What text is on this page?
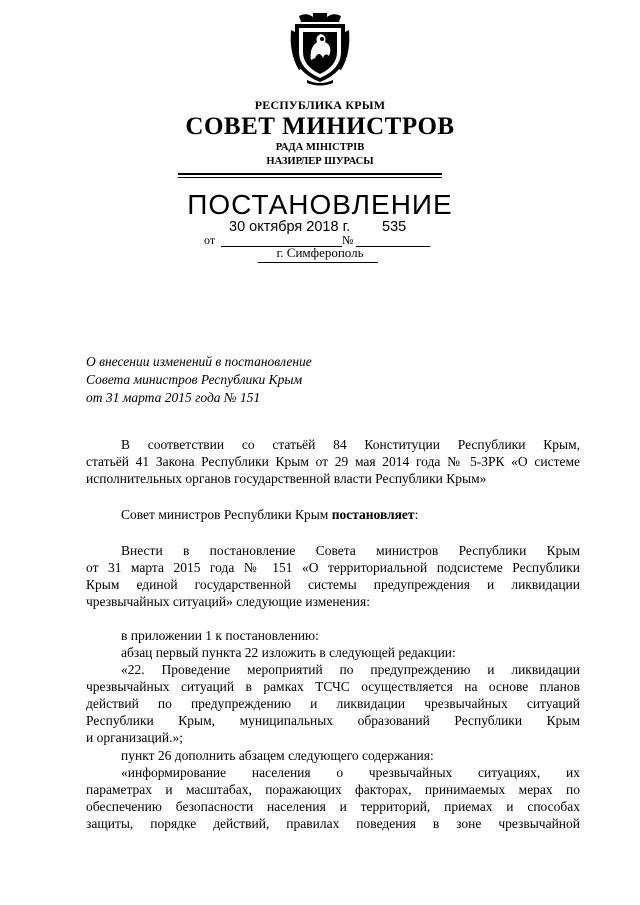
РЕСПУБЛИКА КРЫМ
СОВЕТ МИНИСТРОВ
РАДА МІНІСТРІВ
НАЗИРЛЕР ШУРАСЫ
ПОСТАНОВЛЕНИЕ
30 октября 2018 г. 535
от	№
г. Симферополь
О внесении изменений в постановление
Совета министров Республики Крым
от 31 марта 2015 года № 151
В соответствии со статьёй 84 Конституции Республики Крым,
статьёй 41 Закона Республики Крым от 29 мая 2014 года № 5-ЗРК «О системе
исполнительных органов государственной власти Республики Крым»
Совет министров Республики Крым постановляет:
Внести в постановление Совета министров Республики Крым
от 31 марта 2015 года № 151 «О территориальной подсистеме Республики
Крым единой государственной системы предупреждения и ликвидации
чрезвычайных ситуаций» следующие изменения:
в приложении 1 к постановлению:
абзац первый пункта 22 изложить в следующей редакции:
«22. Проведение мероприятий по предупреждению и ликвидации
чрезвычайных ситуаций в рамках ТСЧС осуществляется на основе планов
действий по предупреждению и ликвидации чрезвычайных ситуаций
Республики Крым, муниципальных образований Республики Крым
и организаций.»;
пункт 26 дополнить абзацем следующего содержания:
«информирование населения о чрезвычайных ситуациях, их
параметрах и масштабах, поражающих факторах, принимаемых мерах по
обеспечению безопасности населения и территорий, приемах и способах
защиты, порядке действий, правилах поведения в зоне чрезвычайной
